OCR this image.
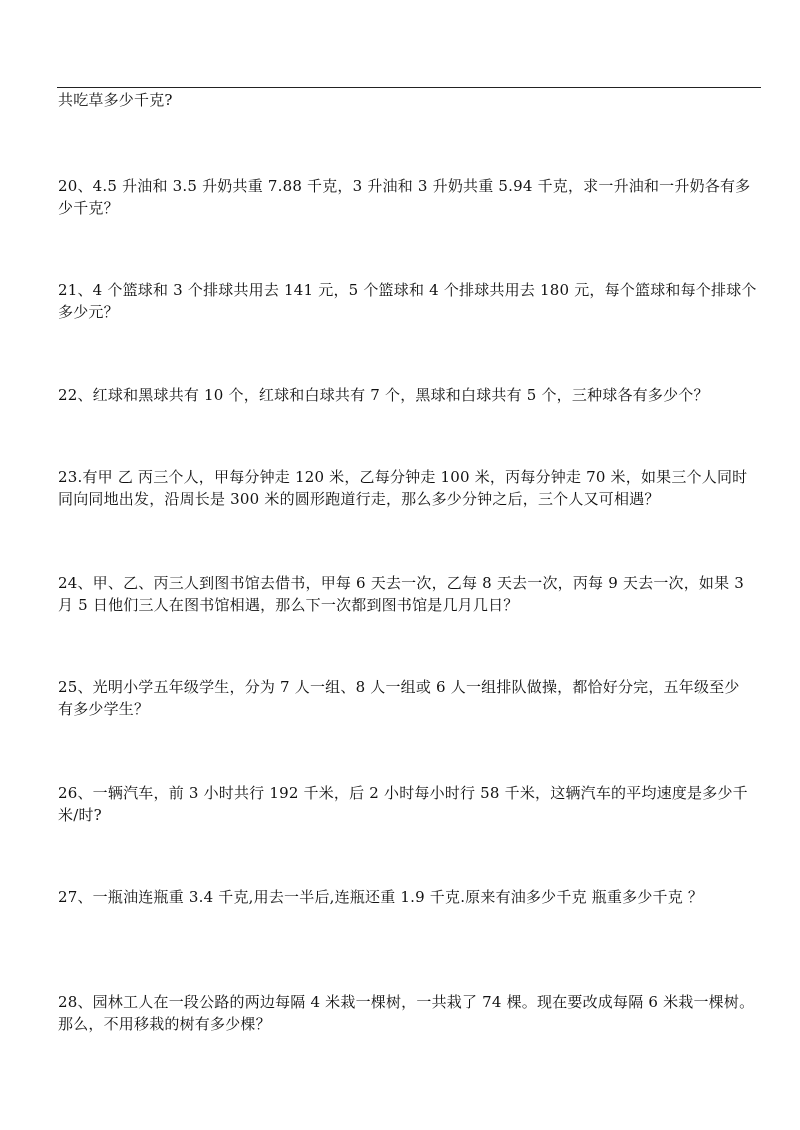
共吃草多少千克?
20、4.5 升油和 3.5 升奶共重 7.88 千克，3 升油和 3 升奶共重 5.94 千克，求一升油和一升奶各有多
少千克？
21、4 个篮球和 3 个排球共用去 141 元，5 个篮球和 4 个排球共用去 180 元，每个篮球和每个排球个
多少元？
22、红球和黑球共有 10 个，红球和白球共有 7 个，黑球和白球共有 5 个，三种球各有多少个？
23.有甲 乙 丙三个人，甲每分钟走 120 米，乙每分钟走 100 米，丙每分钟走 70 米，如果三个人同时
同向同地出发，沿周长是 300 米的圆形跑道行走，那么多少分钟之后，三个人又可相遇？
24、甲、乙、丙三人到图书馆去借书，甲每 6 天去一次，乙每 8 天去一次，丙每 9 天去一次，如果 3
月 5 日他们三人在图书馆相遇，那么下一次都到图书馆是几月几日？
25、光明小学五年级学生，分为 7 人一组、8 人一组或 6 人一组排队做操，都恰好分完，五年级至少
有多少学生？
26、一辆汽车，前 3 小时共行 192 千米，后 2 小时每小时行 58 千米，这辆汽车的平均速度是多少千
米/时?
27、一瓶油连瓶重 3.4 千克,用去一半后,连瓶还重 1.9 千克.原来有油多少千克 瓶重多少千克 ？
28、园林工人在一段公路的两边每隔 4 米栽一棵树，一共栽了 74 棵。现在要改成每隔 6 米栽一棵树。
那么，不用移栽的树有多少棵？
